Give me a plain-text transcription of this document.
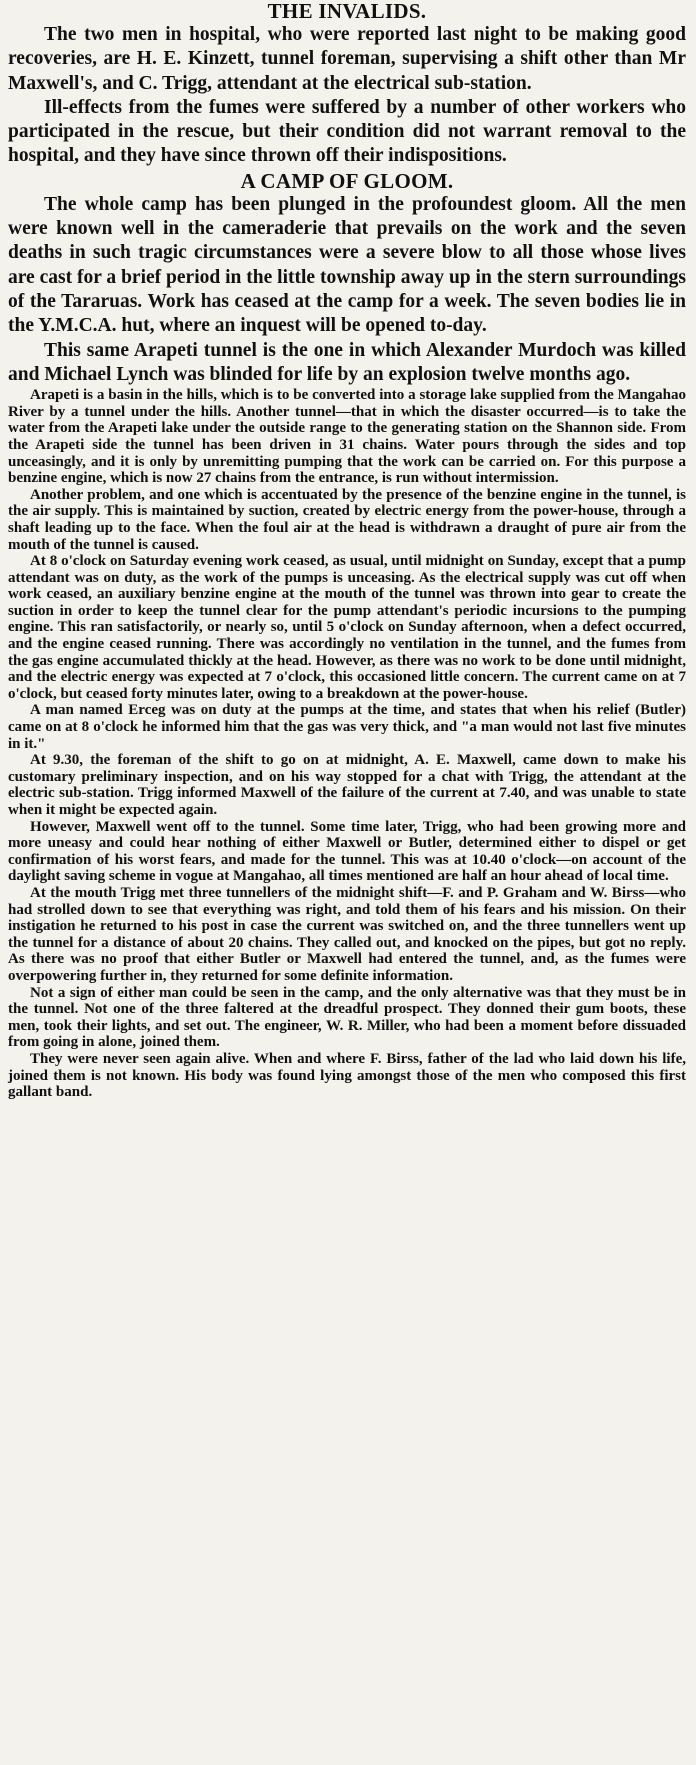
THE INVALIDS.

The two men in hospital, who were reported last night to be making good recoveries, are H. E. Kinzett, tunnel foreman, supervising a shift other than Mr Maxwell's, and C. Trigg, attendant at the electrical sub-station.

Ill-effects from the fumes were suffered by a number of other workers who participated in the rescue, but their condition did not warrant removal to the hospital, and they have since thrown off their indispositions.

A CAMP OF GLOOM.

The whole camp has been plunged in the profoundest gloom. All the men were known well in the cameraderie that prevails on the work and the seven deaths in such tragic circumstances were a severe blow to all those whose lives are cast for a brief period in the little township away up in the stern surroundings of the Tararuas. Work has ceased at the camp for a week. The seven bodies lie in the Y.M.C.A. hut, where an inquest will be opened to-day.

This same Arapeti tunnel is the one in which Alexander Murdoch was killed and Michael Lynch was blinded for life by an explosion twelve months ago.

Arapeti is a basin in the hills, which is to be converted into a storage lake supplied from the Mangahao River by a tunnel under the hills. Another tunnel—that in which the disaster occurred—is to take the water from the Arapeti lake under the outside range to the generating station on the Shannon side. From the Arapeti side the tunnel has been driven in 31 chains. Water pours through the sides and top unceasingly, and it is only by unremitting pumping that the work can be carried on. For this purpose a benzine engine, which is now 27 chains from the entrance, is run without intermission.

Another problem, and one which is accentuated by the presence of the benzine engine in the tunnel, is the air supply. This is maintained by suction, created by electric energy from the power-house, through a shaft leading up to the face. When the foul air at the head is withdrawn a draught of pure air from the mouth of the tunnel is caused.

At 8 o'clock on Saturday evening work ceased, as usual, until midnight on Sunday, except that a pump attendant was on duty, as the work of the pumps is unceasing. As the electrical supply was cut off when work ceased, an auxiliary benzine engine at the mouth of the tunnel was thrown into gear to create the suction in order to keep the tunnel clear for the pump attendant's periodic incursions to the pumping engine. This ran satisfactorily, or nearly so, until 5 o'clock on Sunday afternoon, when a defect occurred, and the engine ceased running. There was accordingly no ventilation in the tunnel, and the fumes from the gas engine accumulated thickly at the head. However, as there was no work to be done until midnight, and the electric energy was expected at 7 o'clock, this occasioned little concern. The current came on at 7 o'clock, but ceased forty minutes later, owing to a breakdown at the power-house.

A man named Erceg was on duty at the pumps at the time, and states that when his relief (Butler) came on at 8 o'clock he informed him that the gas was very thick, and "a man would not last five minutes in it."

At 9.30, the foreman of the shift to go on at midnight, A. E. Maxwell, came down to make his customary preliminary inspection, and on his way stopped for a chat with Trigg, the attendant at the electric sub-station. Trigg informed Maxwell of the failure of the current at 7.40, and was unable to state when it might be expected again.

However, Maxwell went off to the tunnel. Some time later, Trigg, who had been growing more and more uneasy and could hear nothing of either Maxwell or Butler, determined either to dispel or get confirmation of his worst fears, and made for the tunnel. This was at 10.40 o'clock—on account of the daylight saving scheme in vogue at Mangahao, all times mentioned are half an hour ahead of local time.

At the mouth Trigg met three tunnellers of the midnight shift—F. and P. Graham and W. Birss—who had strolled down to see that everything was right, and told them of his fears and his mission. On their instigation he returned to his post in case the current was switched on, and the three tunnellers went up the tunnel for a distance of about 20 chains. They called out, and knocked on the pipes, but got no reply. As there was no proof that either Butler or Maxwell had entered the tunnel, and, as the fumes were overpowering further in, they returned for some definite information.

Not a sign of either man could be seen in the camp, and the only alternative was that they must be in the tunnel. Not one of the three faltered at the dreadful prospect. They donned their gum boots, these men, took their lights, and set out. The engineer, W. R. Miller, who had been a moment before dissuaded from going in alone, joined them.

They were never seen again alive. When and where F. Birss, father of the lad who laid down his life, joined them is not known. His body was found lying amongst those of the men who composed this first gallant band.
